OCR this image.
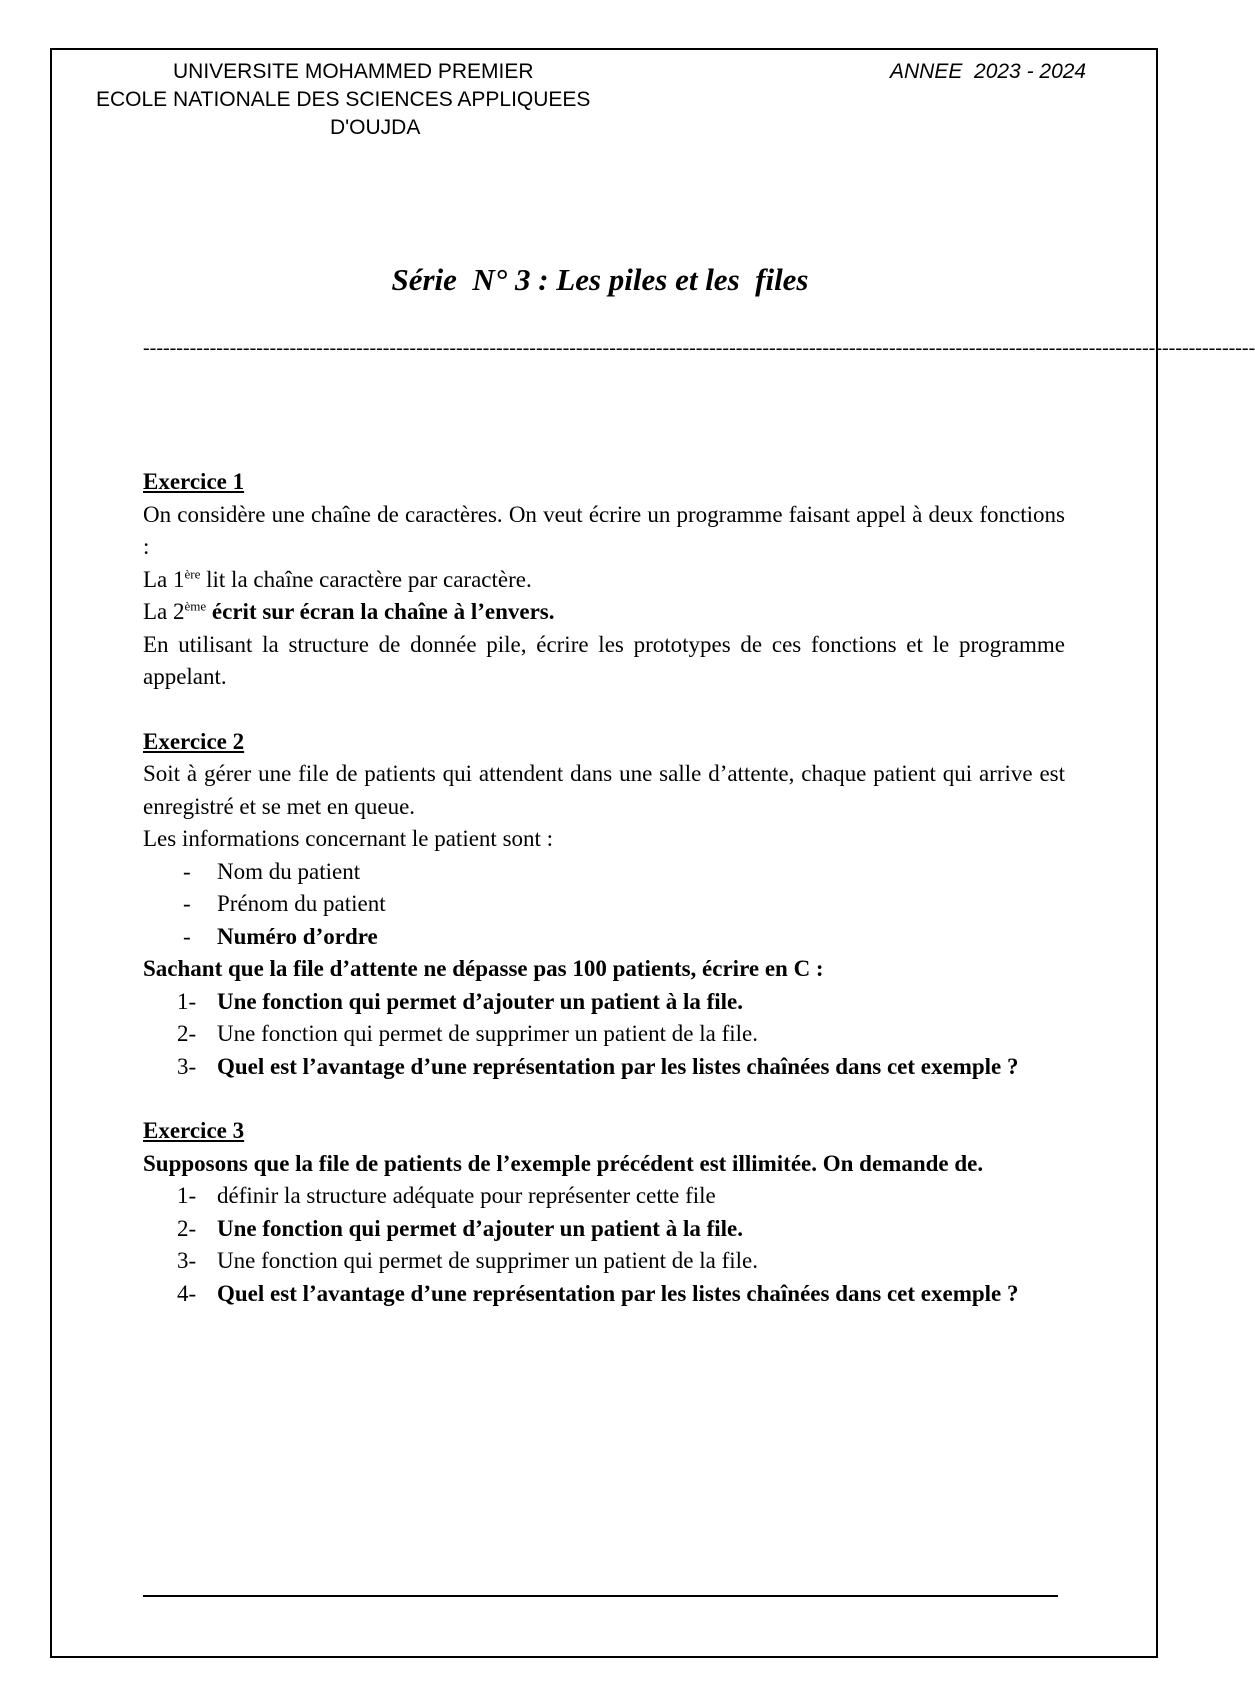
UNIVERSITE MOHAMMED PREMIER
ECOLE NATIONALE DES SCIENCES APPLIQUEES
D'OUJDA
ANNEE  2023 - 2024
Série  N° 3 : Les piles et les  files
-----------------------------------------------------------------------------------------------------------------------------------------------------------------------

Exercice 1

On considère une chaîne de caractères. On veut écrire un programme faisant appel à deux fonctions :

La 1ère lit la chaîne caractère par caractère.

La 2ème écrit sur écran la chaîne à l’envers.

En utilisant la structure de donnée pile, écrire les prototypes de ces fonctions et le programme appelant.

Exercice 2

Soit à gérer une file de patients qui attendent dans une salle d’attente, chaque patient qui arrive est enregistré et se met en queue.

Les informations concernant le patient sont :

-	Nom du patient
-	Prénom du patient
-	Numéro d’ordre

Sachant que la file d’attente ne dépasse pas 100 patients, écrire en C :

1- Une fonction qui permet d’ajouter un patient à la file.
2- Une fonction qui permet de supprimer un patient de la file.
3- Quel est l’avantage d’une représentation par les listes chaînées dans cet exemple ?

Exercice 3

Supposons que la file de patients de l’exemple précédent est illimitée. On demande de.

1- définir la structure adéquate pour représenter cette file
2- Une fonction qui permet d’ajouter un patient à la file.
3- Une fonction qui permet de supprimer un patient de la file.
4- Quel est l’avantage d’une représentation par les listes chaînées dans cet exemple ?
